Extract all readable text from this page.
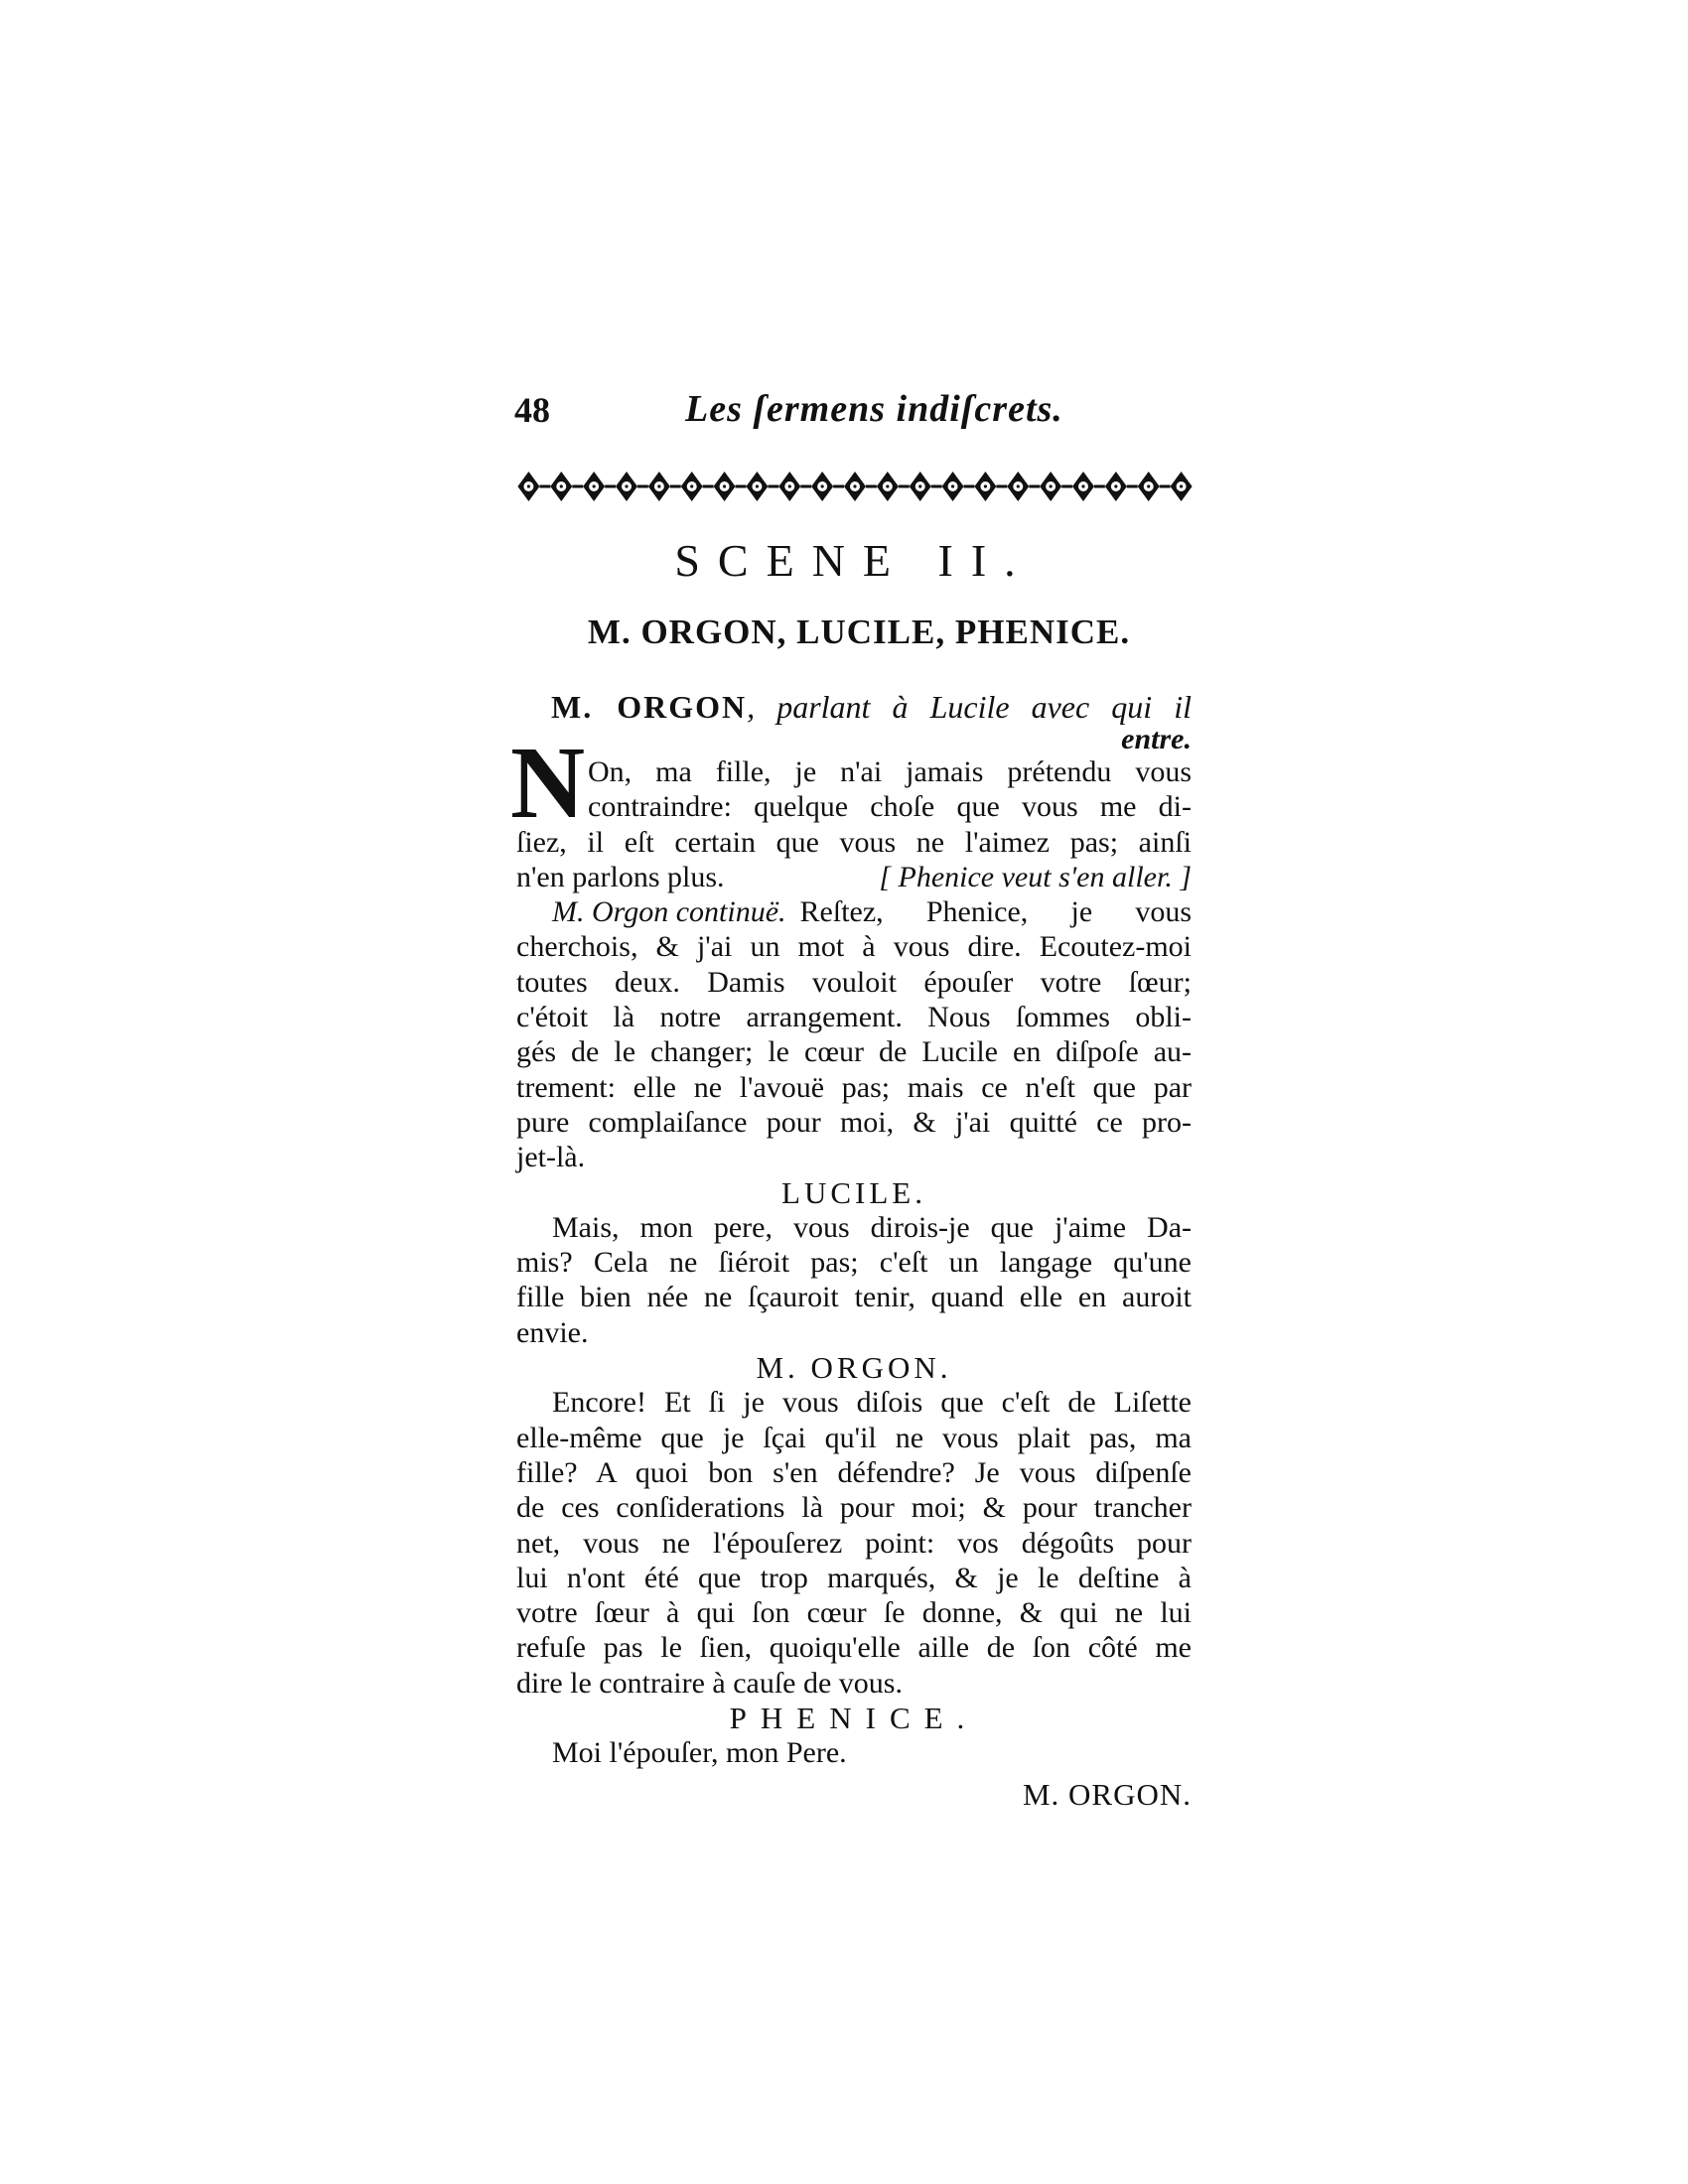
48	Les ſermens indiſcrets.
SCENE II.
M. ORGON, LUCILE, PHENICE.
M. ORGON, parlant à Lucile avec qui il
entre.
N On, ma fille, je n'ai jamais prétendu vous
contraindre: quelque choſe que vous me di-
ſiez, il eſt certain que vous ne l'aimez pas; ainſi
n'en parlons plus.	[ Phenice veut s'en aller. ]
M. Orgon continuë. Reſtez, Phenice, je vous
cherchois, & j'ai un mot à vous dire. Ecoutez-moi
toutes deux. Damis vouloit épouſer votre ſœur;
c'étoit là notre arrangement. Nous ſommes obli-
gés de le changer; le cœur de Lucile en diſpoſe au-
trement: elle ne l'avouë pas; mais ce n'eſt que par
pure complaiſance pour moi, & j'ai quitté ce pro-
jet-là.
LUCILE.
Mais, mon pere, vous dirois-je que j'aime Da-
mis? Cela ne ſiéroit pas; c'eſt un langage qu'une
fille bien née ne ſçauroit tenir, quand elle en auroit
envie.
M. ORGON.
Encore! Et ſi je vous diſois que c'eſt de Liſette
elle-même que je ſçai qu'il ne vous plait pas, ma
fille? A quoi bon s'en défendre? Je vous diſpenſe
de ces conſiderations là pour moi; & pour trancher
net, vous ne l'épouſerez point: vos dégoûts pour
lui n'ont été que trop marqués, & je le deſtine à
votre ſœur à qui ſon cœur ſe donne, & qui ne lui
refuſe pas le ſien, quoiqu'elle aille de ſon côté me
dire le contraire à cauſe de vous.
PHENICE.
Moi l'épouſer, mon Pere.
M. ORGON.
